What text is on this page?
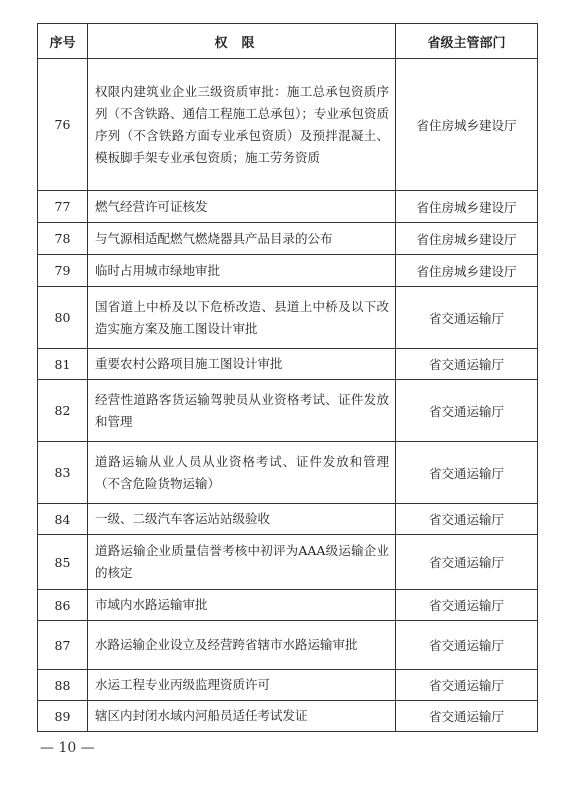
序号	权限	省级主管部门
76	权限内建筑业企业三级资质审批：施工总承包资质序列（不含铁路、通信工程施工总承包）；专业承包资质序列（不含铁路方面专业承包资质）及预拌混凝土、模板脚手架专业承包资质；施工劳务资质	省住房城乡建设厅
77	燃气经营许可证核发	省住房城乡建设厅
78	与气源相适配燃气燃烧器具产品目录的公布	省住房城乡建设厅
79	临时占用城市绿地审批	省住房城乡建设厅
80	国省道上中桥及以下危桥改造、县道上中桥及以下改造实施方案及施工图设计审批	省交通运输厅
81	重要农村公路项目施工图设计审批	省交通运输厅
82	经营性道路客货运输驾驶员从业资格考试、证件发放和管理	省交通运输厅
83	道路运输从业人员从业资格考试、证件发放和管理（不含危险货物运输）	省交通运输厅
84	一级、二级汽车客运站站级验收	省交通运输厅
85	道路运输企业质量信誉考核中初评为AAA级运输企业的核定	省交通运输厅
86	市域内水路运输审批	省交通运输厅
87	水路运输企业设立及经营跨省辖市水路运输审批	省交通运输厅
88	水运工程专业丙级监理资质许可	省交通运输厅
89	辖区内封闭水域内河船员适任考试发证	省交通运输厅
— 10 —
